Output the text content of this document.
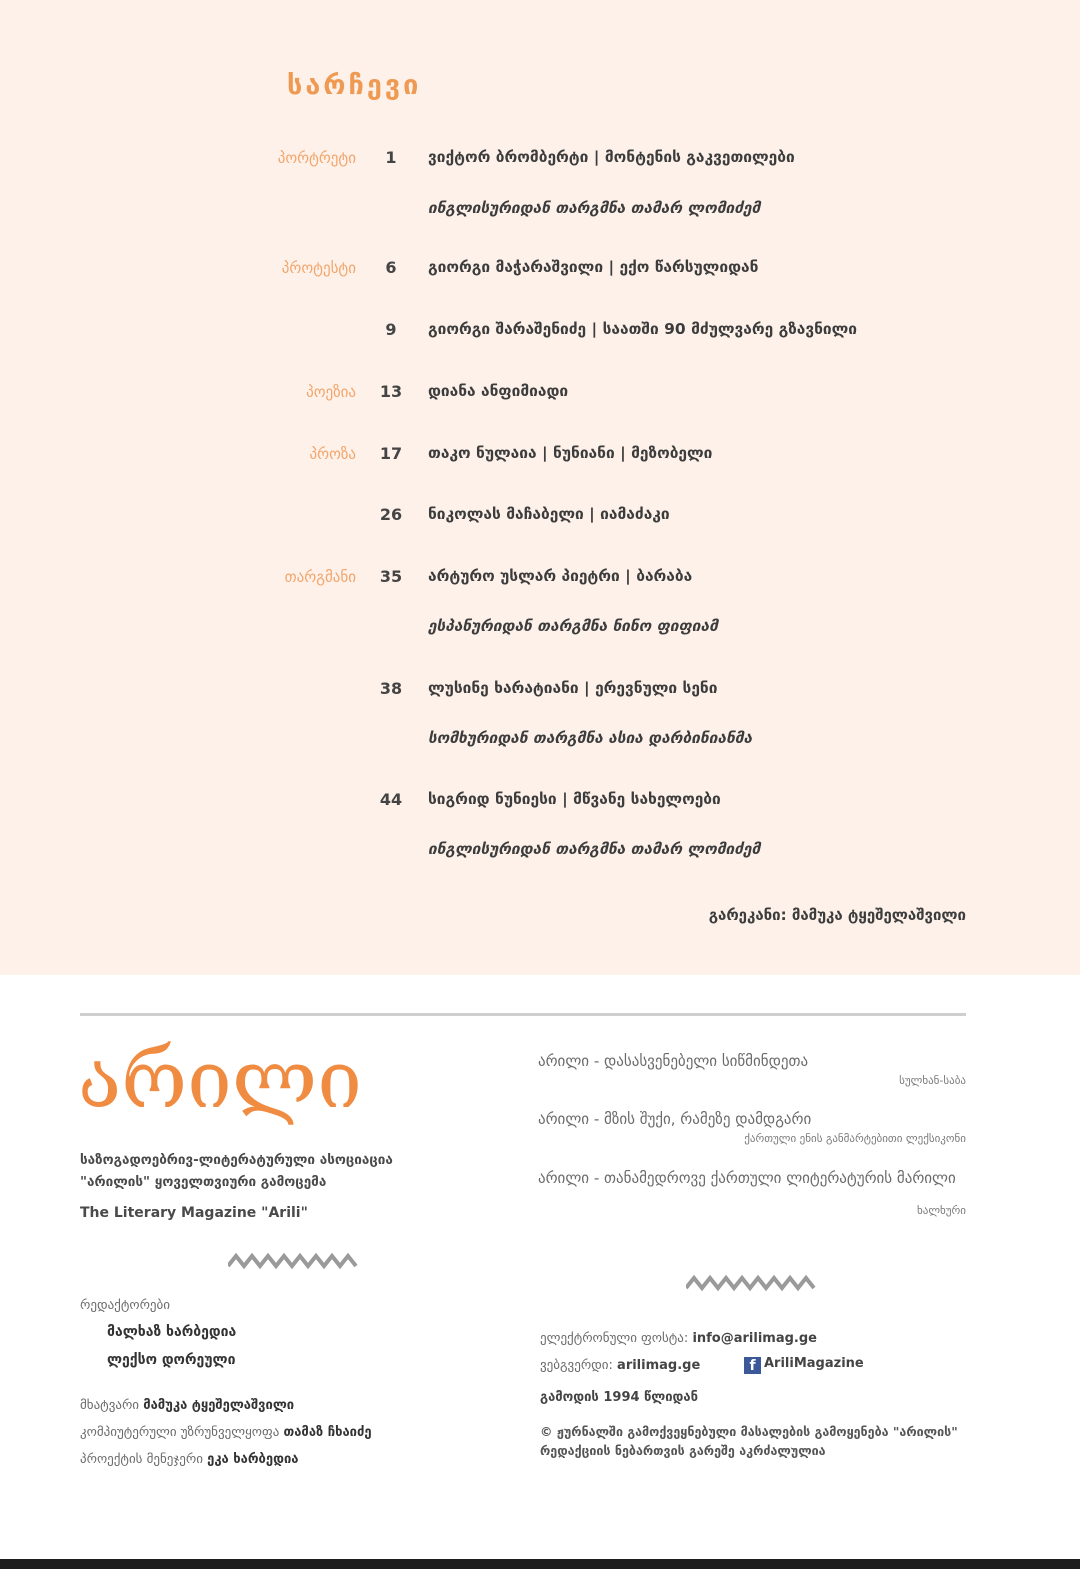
სარჩევი
პორტრეტი	1	ვიქტორ ბრომბერტი | მონტენის გაკვეთილები
ინგლისურიდან თარგმნა თამარ ლომიძემ
პროტესტი	6	გიორგი მაჭარაშვილი | ექო წარსულიდან
9	გიორგი შარაშენიძე | საათში 90 მძულვარე გზავნილი
პოეზია	13	დიანა ანფიმიადი
პროზა	17	თაკო ნულაია | ნუნიანი | მეზობელი
26	ნიკოლას მაჩაბელი | იამაძაკი
თარგმანი	35	არტურო უსლარ პიეტრი | ბარაბა
ესპანურიდან თარგმნა ნინო ფიფიამ
38	ლუსინე ხარატიანი | ერევნული სენი
სომხურიდან თარგმნა ასია დარბინიანმა
44	სიგრიდ ნუნიესი | მწვანე სახელოები
ინგლისურიდან თარგმნა თამარ ლომიძემ
გარეკანი: მამუკა ტყეშელაშვილი
არილი
საზოგადოებრივ-ლიტერატურული ასოციაცია
"არილის" ყოველთვიური გამოცემა
The Literary Magazine "Arili"
რედაქტორები
მალხაზ ხარბედია
ლექსო დორეული
მხატვარი მამუკა ტყეშელაშვილი
კომპიუტერული უზრუნველყოფა თამაზ ჩხაიძე
პროექტის მენეჯერი ეკა ხარბედია
არილი - დასასვენებელი სიწმინდეთა
სულხან-საბა
არილი - მზის შუქი, რამეზე დამდგარი
ქართული ენის განმარტებითი ლექსიკონი
არილი - თანამედროვე ქართული ლიტერატურის მარილი
ხალხური
ელექტრონული ფოსტა: info@arilimag.ge
ვებგვერდი: arilimag.ge	f AriliMagazine
გამოდის 1994 წლიდან
© ჟურნალში გამოქვეყნებული მასალების გამოყენება "არილის" რედაქციის ნებართვის გარეშე აკრძალულია
